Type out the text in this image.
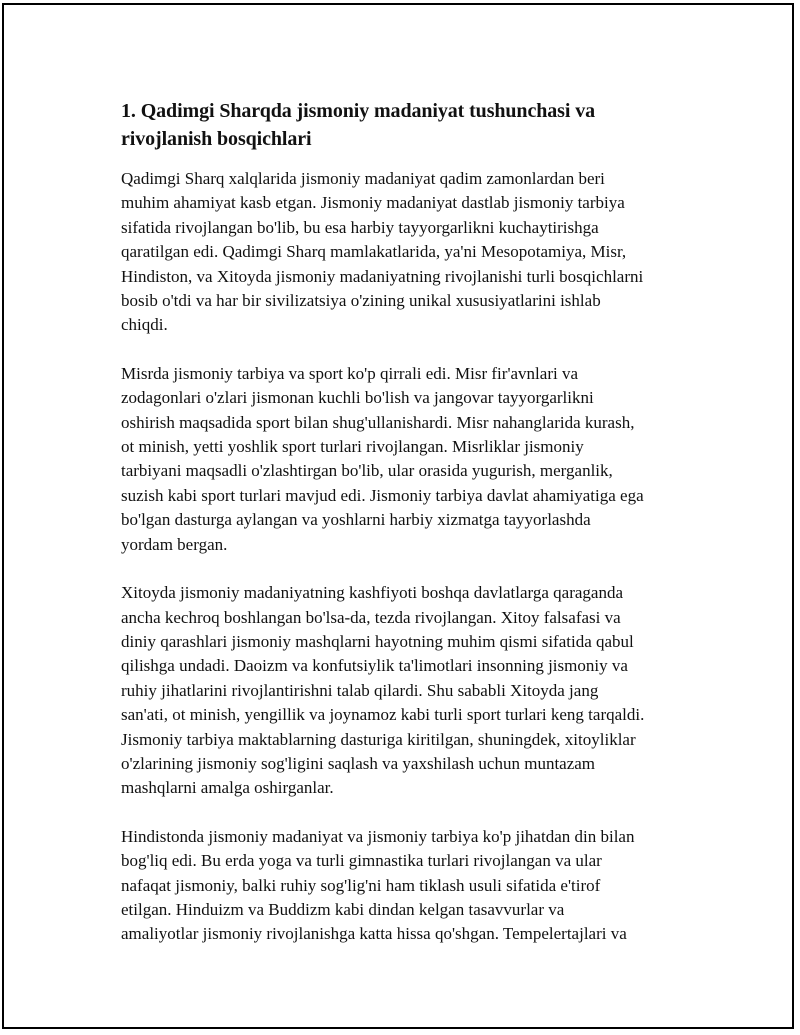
1. Qadimgi Sharqda jismoniy madaniyat tushunchasi va
rivojlanish bosqichlari

Qadimgi Sharq xalqlarida jismoniy madaniyat qadim zamonlardan beri
muhim ahamiyat kasb etgan. Jismoniy madaniyat dastlab jismoniy tarbiya
sifatida rivojlangan bo'lib, bu esa harbiy tayyorgarlikni kuchaytirishga
qaratilgan edi. Qadimgi Sharq mamlakatlarida, ya'ni Mesopotamiya, Misr,
Hindiston, va Xitoyda jismoniy madaniyatning rivojlanishi turli bosqichlarni
bosib o'tdi va har bir sivilizatsiya o'zining unikal xususiyatlarini ishlab
chiqdi.

Misrda jismoniy tarbiya va sport ko'p qirrali edi. Misr fir'avnlari va
zodagonlari o'zlari jismonan kuchli bo'lish va jangovar tayyorgarlikni
oshirish maqsadida sport bilan shug'ullanishardi. Misr nahanglarida kurash,
ot minish, yetti yoshlik sport turlari rivojlangan. Misrliklar jismoniy
tarbiyani maqsadli o'zlashtirgan bo'lib, ular orasida yugurish, merganlik,
suzish kabi sport turlari mavjud edi. Jismoniy tarbiya davlat ahamiyatiga ega
bo'lgan dasturga aylangan va yoshlarni harbiy xizmatga tayyorlashda
yordam bergan.

Xitoyda jismoniy madaniyatning kashfiyoti boshqa davlatlarga qaraganda
ancha kechroq boshlangan bo'lsa-da, tezda rivojlangan. Xitoy falsafasi va
diniy qarashlari jismoniy mashqlarni hayotning muhim qismi sifatida qabul
qilishga undadi. Daoizm va konfutsiylik ta'limotlari insonning jismoniy va
ruhiy jihatlarini rivojlantirishni talab qilardi. Shu sababli Xitoyda jang
san'ati, ot minish, yengillik va joynamoz kabi turli sport turlari keng tarqaldi.
Jismoniy tarbiya maktablarning dasturiga kiritilgan, shuningdek, xitoyliklar
o'zlarining jismoniy sog'ligini saqlash va yaxshilash uchun muntazam
mashqlarni amalga oshirganlar.

Hindistonda jismoniy madaniyat va jismoniy tarbiya ko'p jihatdan din bilan
bog'liq edi. Bu erda yoga va turli gimnastika turlari rivojlangan va ular
nafaqat jismoniy, balki ruhiy sog'lig'ni ham tiklash usuli sifatida e'tirof
etilgan. Hinduizm va Buddizm kabi dindan kelgan tasavvurlar va
amaliyotlar jismoniy rivojlanishga katta hissa qo'shgan. Tempelertajlari va
